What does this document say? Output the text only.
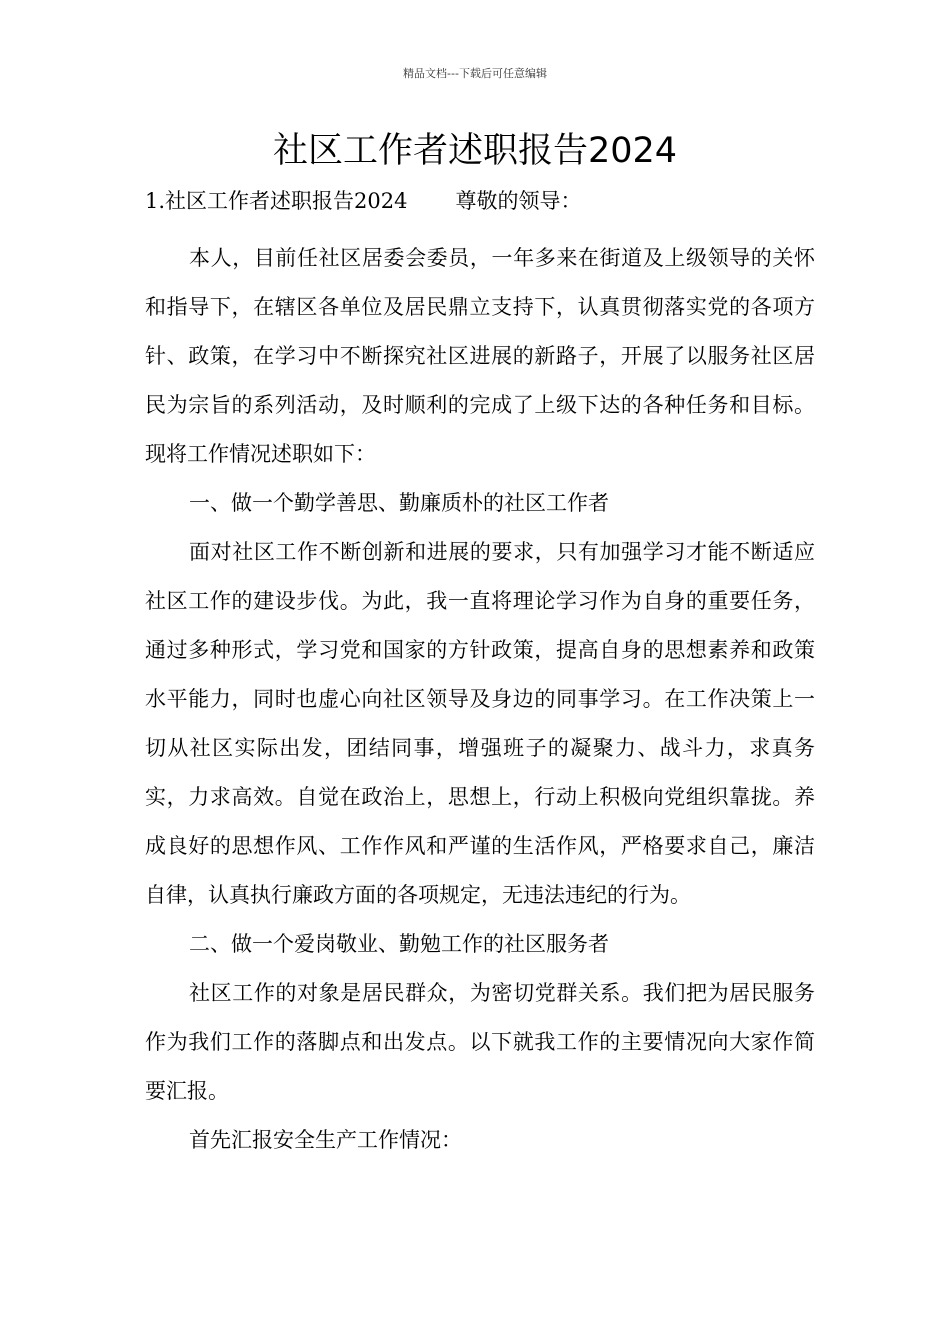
精品文档---下载后可任意编辑
社区工作者述职报告2024
1.社区工作者述职报告2024 尊敬的领导：

本人，目前任社区居委会委员，一年多来在街道及上级领导的关怀和指导下，在辖区各单位及居民鼎立支持下，认真贯彻落实党的各项方针、政策，在学习中不断探究社区进展的新路子，开展了以服务社区居民为宗旨的系列活动，及时顺利的完成了上级下达的各种任务和目标。现将工作情况述职如下：

一、做一个勤学善思、勤廉质朴的社区工作者

面对社区工作不断创新和进展的要求，只有加强学习才能不断适应社区工作的建设步伐。为此，我一直将理论学习作为自身的重要任务，通过多种形式，学习党和国家的方针政策，提高自身的思想素养和政策水平能力，同时也虚心向社区领导及身边的同事学习。在工作决策上一切从社区实际出发，团结同事，增强班子的凝聚力、战斗力，求真务实，力求高效。自觉在政治上，思想上，行动上积极向党组织靠拢。养成良好的思想作风、工作作风和严谨的生活作风，严格要求自己，廉洁自律，认真执行廉政方面的各项规定，无违法违纪的行为。

二、做一个爱岗敬业、勤勉工作的社区服务者

社区工作的对象是居民群众，为密切党群关系。我们把为居民服务作为我们工作的落脚点和出发点。以下就我工作的主要情况向大家作简要汇报。

首先汇报安全生产工作情况：
